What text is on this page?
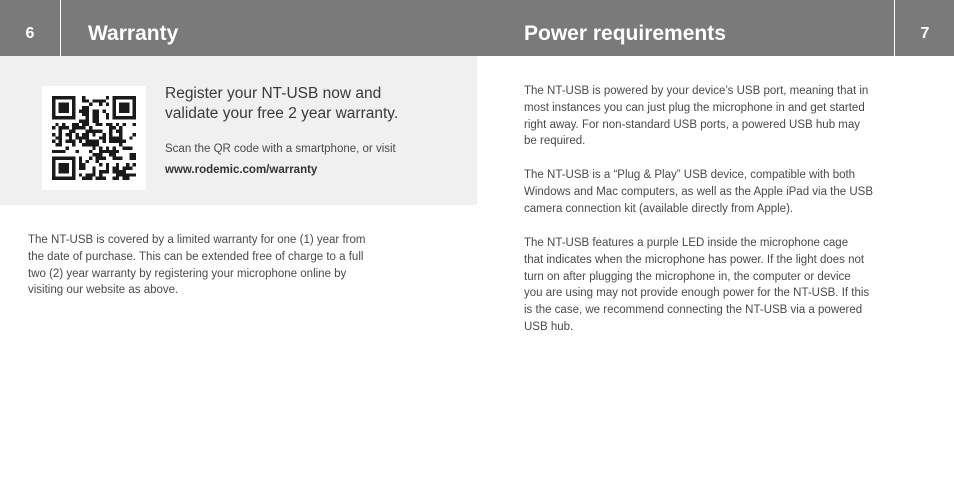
6	Warranty	Power requirements	7
Register your NT-USB now and
validate your free 2 year warranty.
Scan the QR code with a smartphone, or visit
www.rodemic.com/warranty
The NT-USB is covered by a limited warranty for one (1) year from
the date of purchase. This can be extended free of charge to a full
two (2) year warranty by registering your microphone online by
visiting our website as above.
The NT-USB is powered by your device’s USB port, meaning that in
most instances you can just plug the microphone in and get started
right away. For non-standard USB ports, a powered USB hub may
be required.
The NT-USB is a “Plug & Play” USB device, compatible with both
Windows and Mac computers, as well as the Apple iPad via the USB
camera connection kit (available directly from Apple).
The NT-USB features a purple LED inside the microphone cage
that indicates when the microphone has power. If the light does not
turn on after plugging the microphone in, the computer or device
you are using may not provide enough power for the NT-USB. If this
is the case, we recommend connecting the NT-USB via a powered
USB hub.
